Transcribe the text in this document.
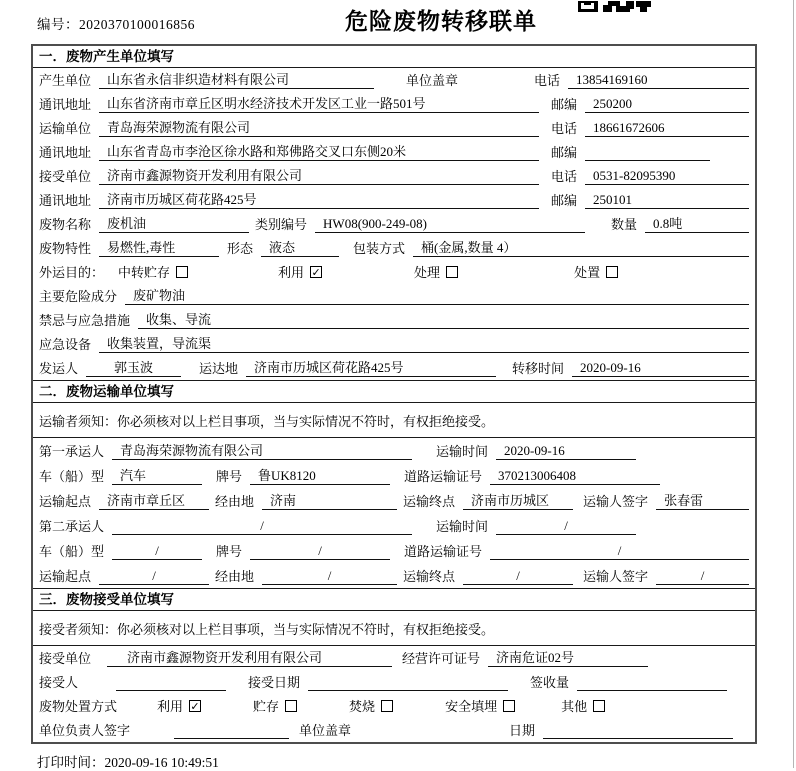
编号：2020370100016856	危险废物转移联单
一．废物产生单位填写
产生单位	山东省永信非织造材料有限公司	单位盖章	电话	13854169160
通讯地址	山东省济南市章丘区明水经济技术开发区工业一路501号	邮编	250200
运输单位	青岛海荣源物流有限公司	电话	18661672606
通讯地址	山东省青岛市李沧区徐水路和郑佛路交叉口东侧20米	邮编
接受单位	济南市鑫源物资开发利用有限公司	电话	0531-82095390
通讯地址	济南市历城区荷花路425号	邮编	250101
废物名称	废机油	类别编号	HW08(900-249-08)	数量	0.8吨
废物特性	易燃性,毒性	形态	液态	包装方式	桶(金属,数量 4）
外运目的： 中转贮存	利用 ✓	处理	处置
主要危险成分	废矿物油
禁忌与应急措施	收集、导流
应急设备	收集装置，导流渠
发运人	郭玉波	运达地	济南市历城区荷花路425号	转移时间	2020-09-16
二．废物运输单位填写
运输者须知： 你必须核对以上栏目事项，当与实际情况不符时，有权拒绝接受。
第一承运人	青岛海荣源物流有限公司	运输时间	2020-09-16
车（船）型	汽车	牌号	鲁UK8120	道路运输证号	370213006408
运输起点	济南市章丘区	经由地	济南	运输终点	济南市历城区	运输人签字	张春雷
第二承运人	/	运输时间	/
车（船）型	/	牌号	/	道路运输证号	/
运输起点	/	经由地	/	运输终点	/	运输人签字	/
三．废物接受单位填写
接受者须知： 你必须核对以上栏目事项，当与实际情况不符时，有权拒绝接受。
接受单位	济南市鑫源物资开发利用有限公司	经营许可证号	济南危证02号
接受人	接受日期	签收量
废物处置方式	利用 ✓	贮存	焚烧	安全填埋	其他
单位负责人签字	单位盖章	日期
打印时间：2020-09-16 10:49:51
